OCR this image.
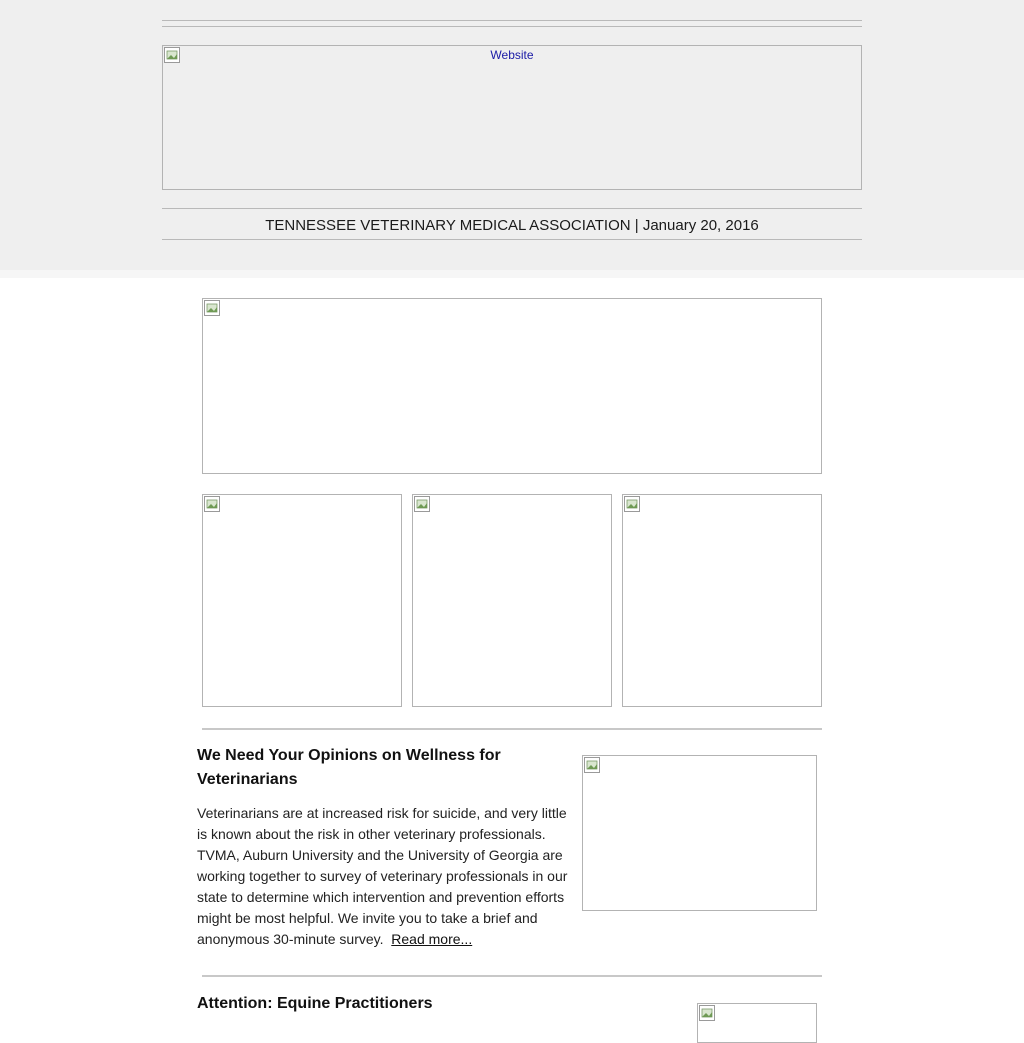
Website
TENNESSEE VETERINARY MEDICAL ASSOCIATION | January 20, 2016
We Need Your Opinions on Wellness for Veterinarians
Veterinarians are at increased risk for suicide, and very little is known about the risk in other veterinary professionals. TVMA, Auburn University and the University of Georgia are working together to survey of veterinary professionals in our state to determine which intervention and prevention efforts might be most helpful. We invite you to take a brief and anonymous 30-minute survey. Read more...
Attention: Equine Practitioners
